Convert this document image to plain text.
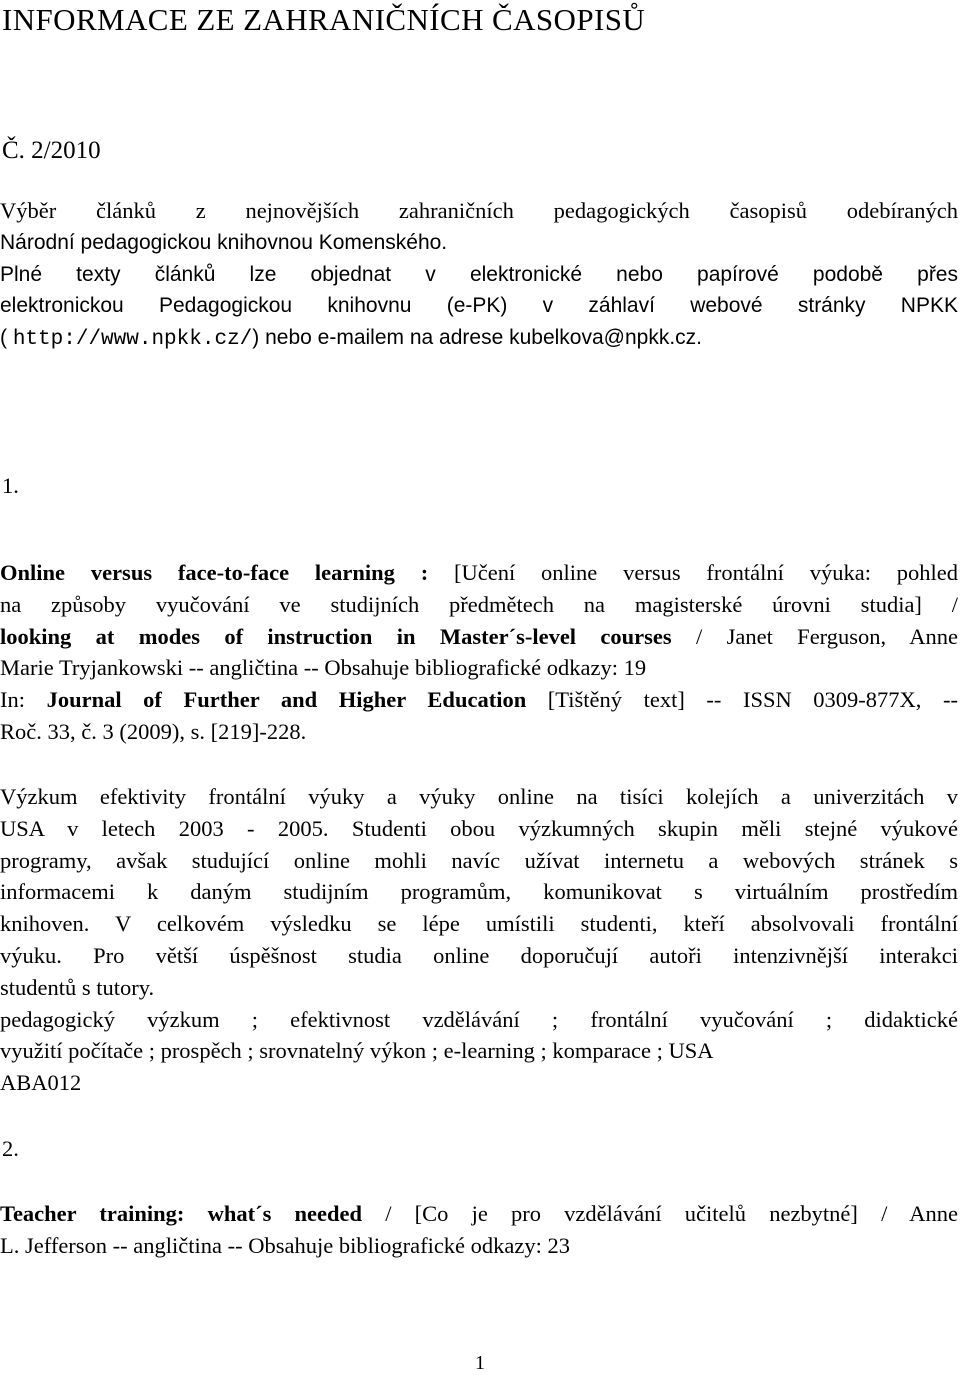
INFORMACE ZE ZAHRANIČNÍCH ČASOPISŮ
Č. 2/2010
Výběr článků z nejnovějších zahraničních pedagogických časopisů odebíraných
Národní pedagogickou knihovnou Komenského.
Plné texty článků lze objednat v elektronické nebo papírové podobě přes
elektronickou Pedagogickou knihovnu (e-PK) v záhlaví webové stránky NPKK
( http://www.npkk.cz/) nebo e-mailem na adrese kubelkova@npkk.cz.
1.
Online versus face-to-face learning : [Učení online versus frontální výuka: pohled
na způsoby vyučování ve studijních předmětech na magisterské úrovni studia] /
looking at modes of instruction in Master´s-level courses / Janet Ferguson, Anne
Marie Tryjankowski -- angličtina -- Obsahuje bibliografické odkazy: 19
In: Journal of Further and Higher Education [Tištěný text] -- ISSN 0309-877X, --
Roč. 33, č. 3 (2009), s. [219]-228.
Výzkum efektivity frontální výuky a výuky online na tisíci kolejích a univerzitách v
USA v letech 2003 - 2005. Studenti obou výzkumných skupin měli stejné výukové
programy, avšak studující online mohli navíc užívat internetu a webových stránek s
informacemi k daným studijním programům, komunikovat s virtuálním prostředím
knihoven. V celkovém výsledku se lépe umístili studenti, kteří absolvovali frontální
výuku. Pro větší úspěšnost studia online doporučují autoři intenzivnější interakci
studentů s tutory.
pedagogický výzkum ; efektivnost vzdělávání ; frontální vyučování ; didaktické
využití počítače ; prospěch ; srovnatelný výkon ; e-learning ; komparace ; USA
ABA012
2.
Teacher training: what´s needed / [Co je pro vzdělávání učitelů nezbytné] / Anne
L. Jefferson -- angličtina -- Obsahuje bibliografické odkazy: 23
1
